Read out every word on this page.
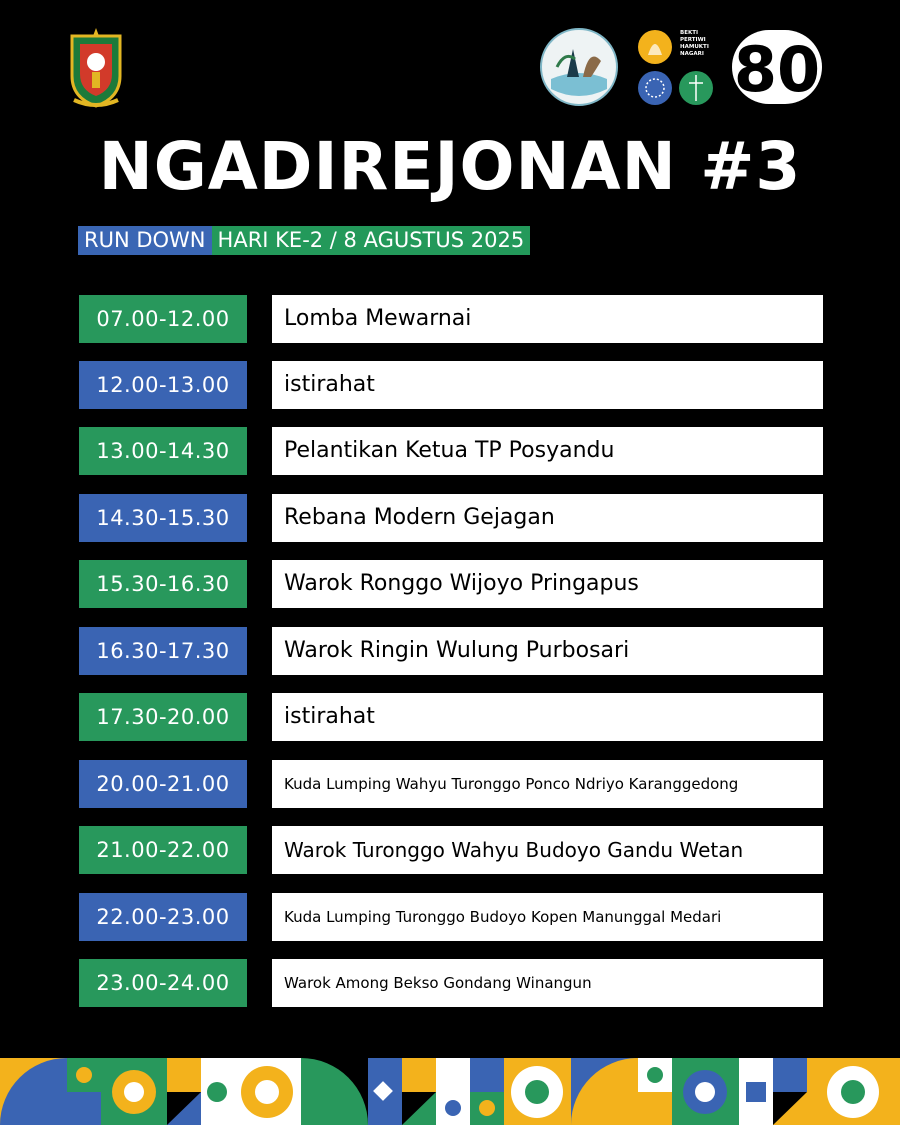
BEKTI
PERTIWI
HAMUKTI
NAGARI 80
NGADIREJONAN #3
RUN DOWN HARI KE-2 / 8 AGUSTUS 2025
07.00-12.00	Lomba Mewarnai
12.00-13.00	istirahat
13.00-14.30	Pelantikan Ketua TP Posyandu
14.30-15.30	Rebana Modern Gejagan
15.30-16.30	Warok Ronggo Wijoyo Pringapus
16.30-17.30	Warok Ringin Wulung Purbosari
17.30-20.00	istirahat
20.00-21.00	Kuda Lumping Wahyu Turonggo Ponco Ndriyo Karanggedong
21.00-22.00	Warok Turonggo Wahyu Budoyo Gandu Wetan
22.00-23.00	Kuda Lumping Turonggo Budoyo Kopen Manunggal Medari
23.00-24.00	Warok Among Bekso Gondang Winangun
